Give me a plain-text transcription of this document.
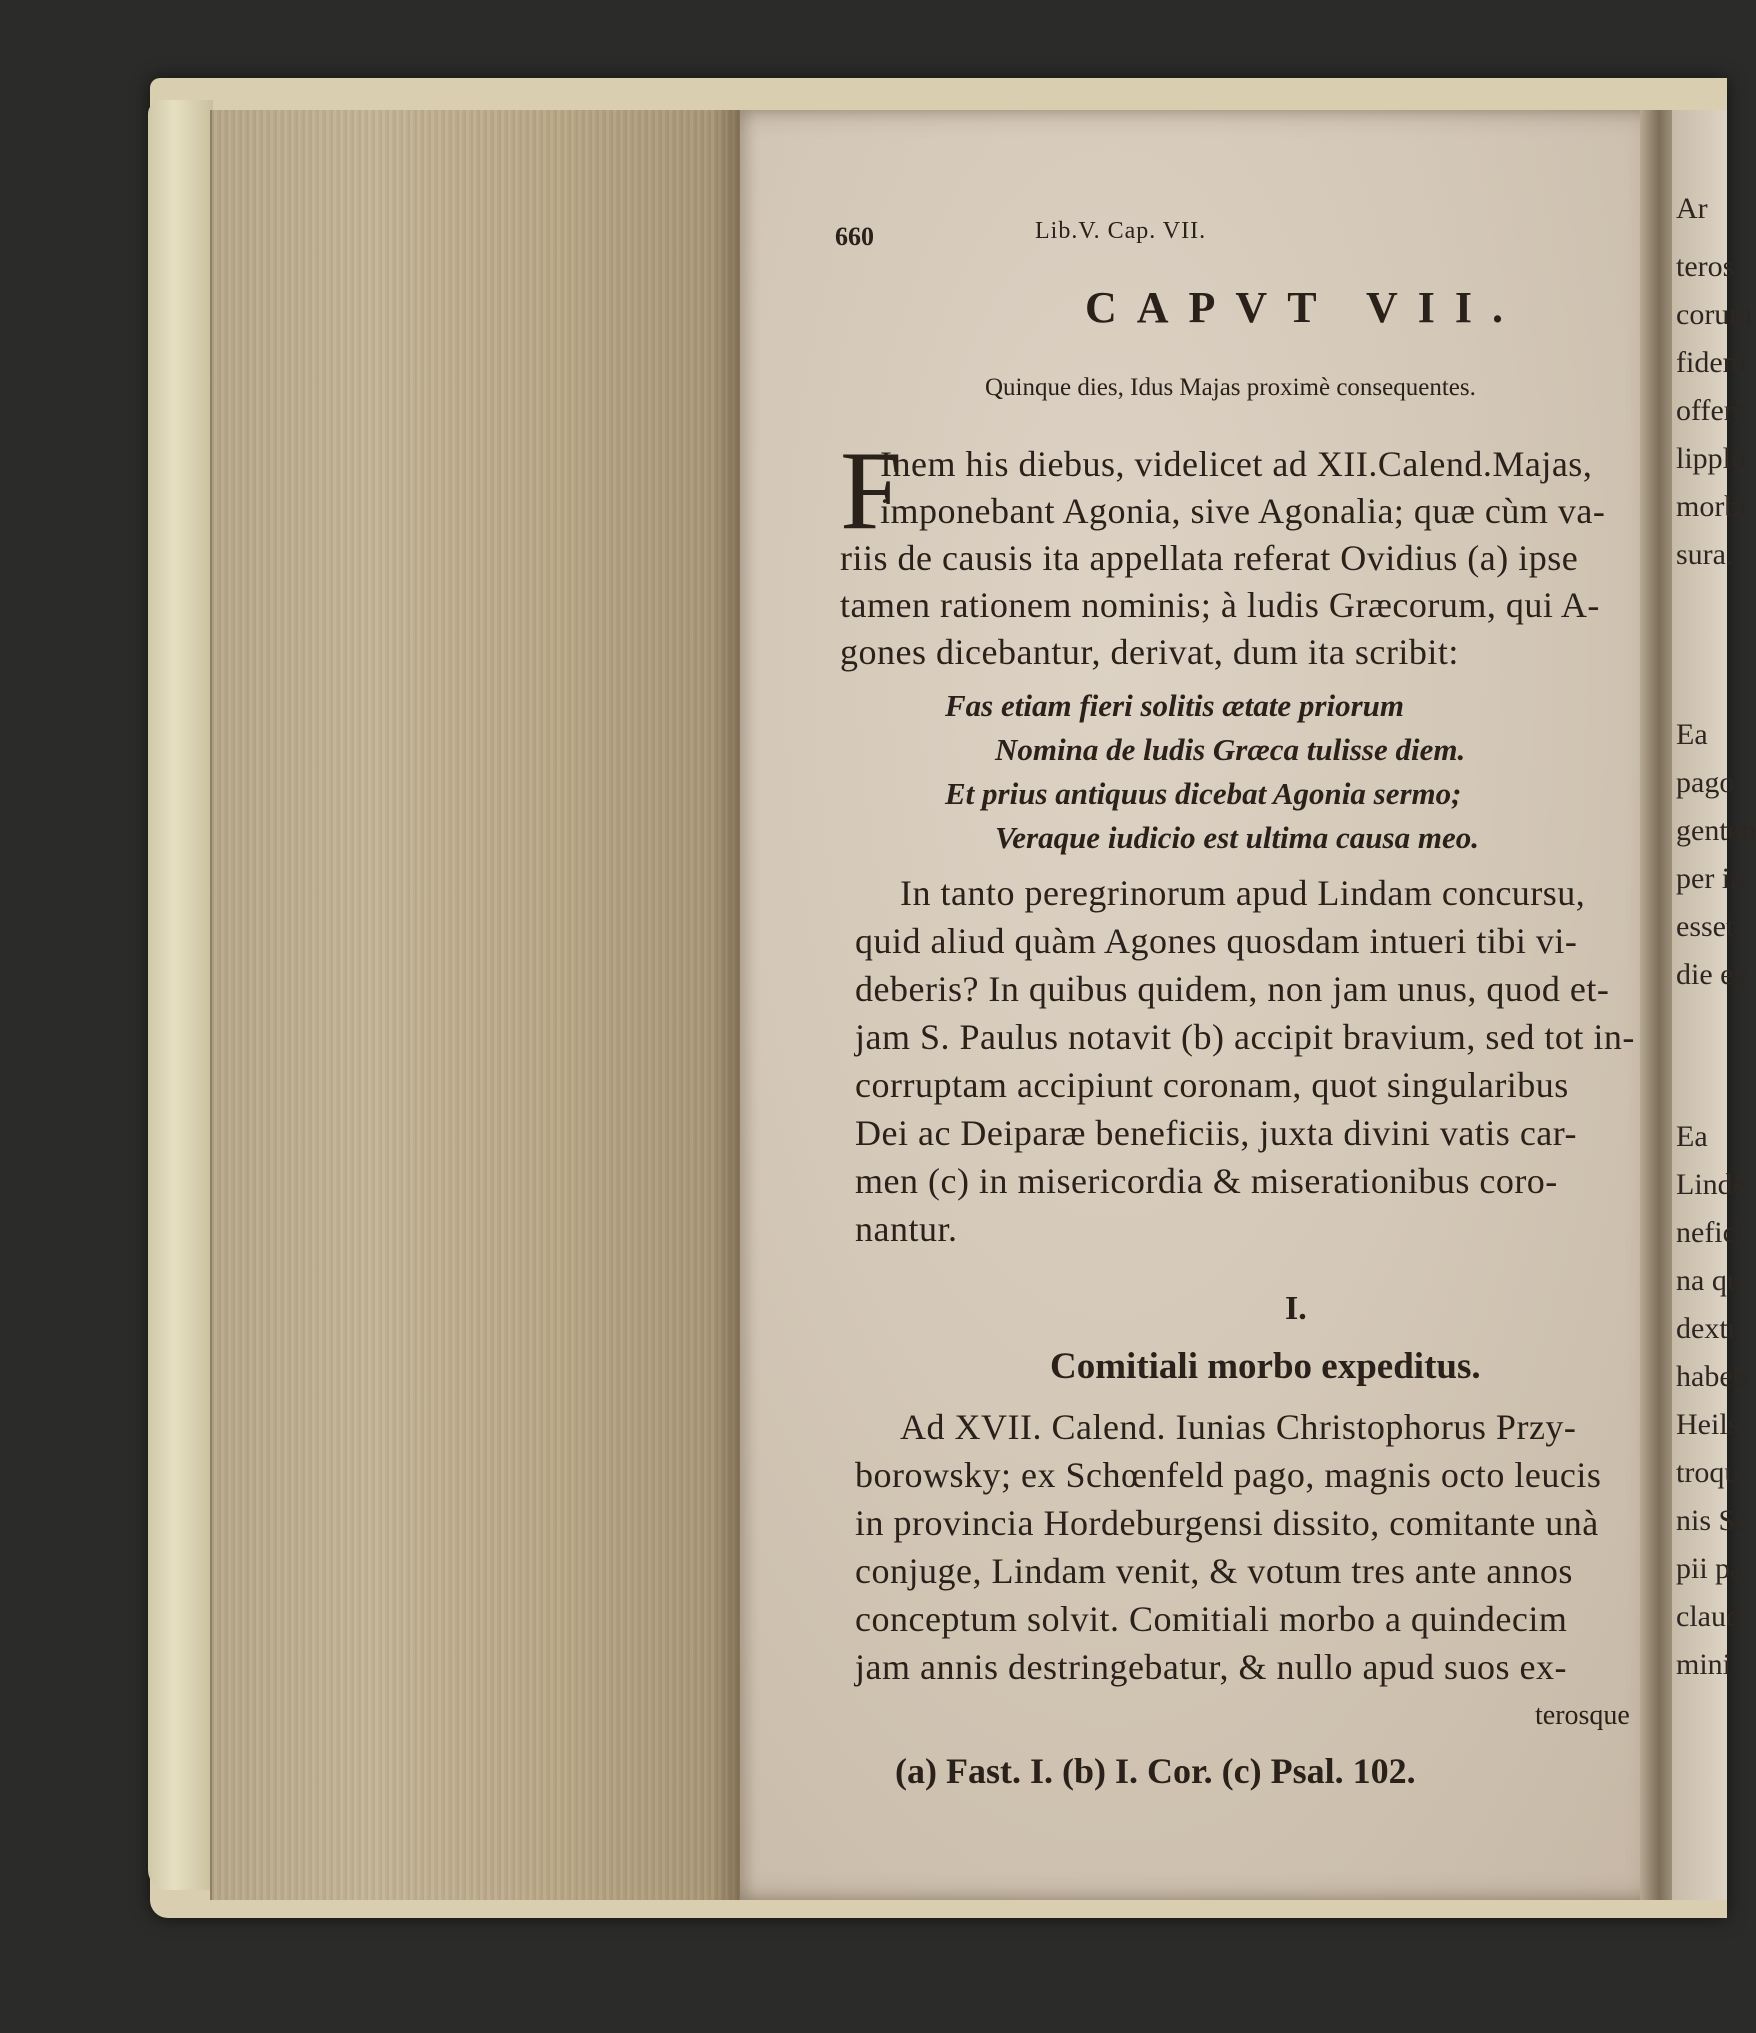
660	Lib.V. Cap. VII.
CAPVT VII.
Quinque dies, Idus Majas proximè consequentes.
F
Inem his diebus, videlicet ad XII.Calend.Majas,
imponebant Agonia, sive Agonalia; quæ cùm va-
riis de causis ita appellata referat Ovidius (a) ipse
tamen rationem nominis; à ludis Græcorum, qui A-
gones dicebantur, derivat, dum ita scribit:
Fas etiam fieri solitis ætate priorum
Nomina de ludis Græca tulisse diem.
Et prius antiquus dicebat Agonia sermo;
Veraque iudicio est ultima causa meo.
In tanto peregrinorum apud Lindam concursu,
quid aliud quàm Agones quosdam intueri tibi vi-
deberis? In quibus quidem, non jam unus, quod et-
jam S. Paulus notavit (b) accipit bravium, sed tot in-
corruptam accipiunt coronam, quot singularibus
Dei ac Deiparæ beneficiis, juxta divini vatis car-
men (c) in misericordia & miserationibus coro-
nantur.
I.
Comitiali morbo expeditus.
Ad XVII. Calend. Iunias Christophorus Przy-
borowsky; ex Schœnfeld pago, magnis octo leucis
in provincia Hordeburgensi dissito, comitante unà
conjuge, Lindam venit, & votum tres ante annos
conceptum solvit. Comitiali morbo a quindecim
jam annis destringebatur, & nullo apud suos ex-
terosque
(a) Fast. I. (b) I. Cor. (c) Psal. 102.
Ar
teros
corum
fidem
offere
lipplu
morbi
sura.
Ea
pago
genten
per in
esset,
die eg
Ea
Linde
nefici
na qu
dextr
habeb
Heils
troqu
nis Sc
pii pa
claud
mini
